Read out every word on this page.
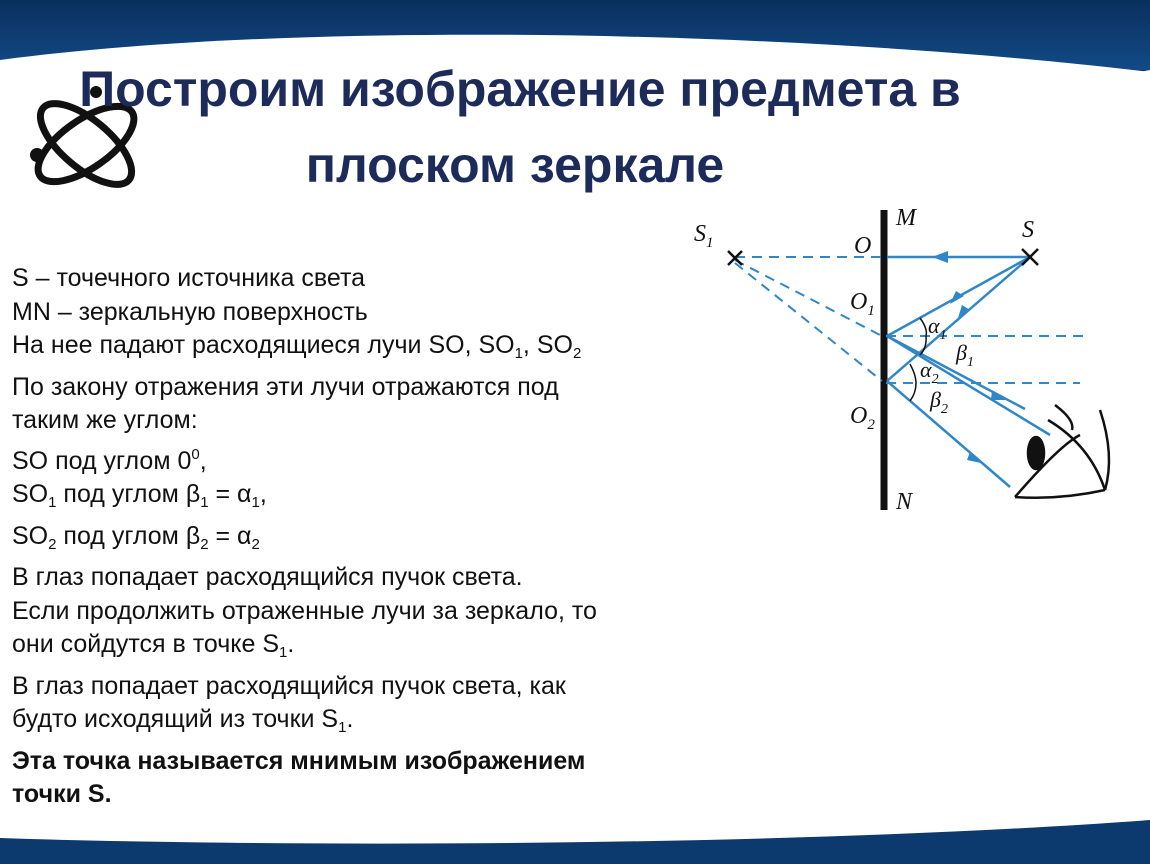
Построим изображение предмета в
плоском зеркале
S – точечного источника света
MN – зеркальную поверхность
На нее падают расходящиеся лучи SO, $SO_1$, $SO_2$
По закону отражения эти лучи отражаются под
таким же углом:
SO под углом $0^0$,
$SO_1$ под углом $\beta_1 = \alpha_1$,
$SO_2$ под углом $\beta_2 = \alpha_2$
В глаз попадает расходящийся пучок света.
Если продолжить отраженные лучи за зеркало, то
они сойдутся в точке $S_1$.
В глаз попадает расходящийся пучок света, как
будто исходящий из точки $S_1$.
Эта точка называется мнимым изображением
точки S.
$S_1$
M	S
O
$O_1$
$O_2$
$\alpha_1$
$\beta_1$
$\alpha_2$
$\beta_2$
N
